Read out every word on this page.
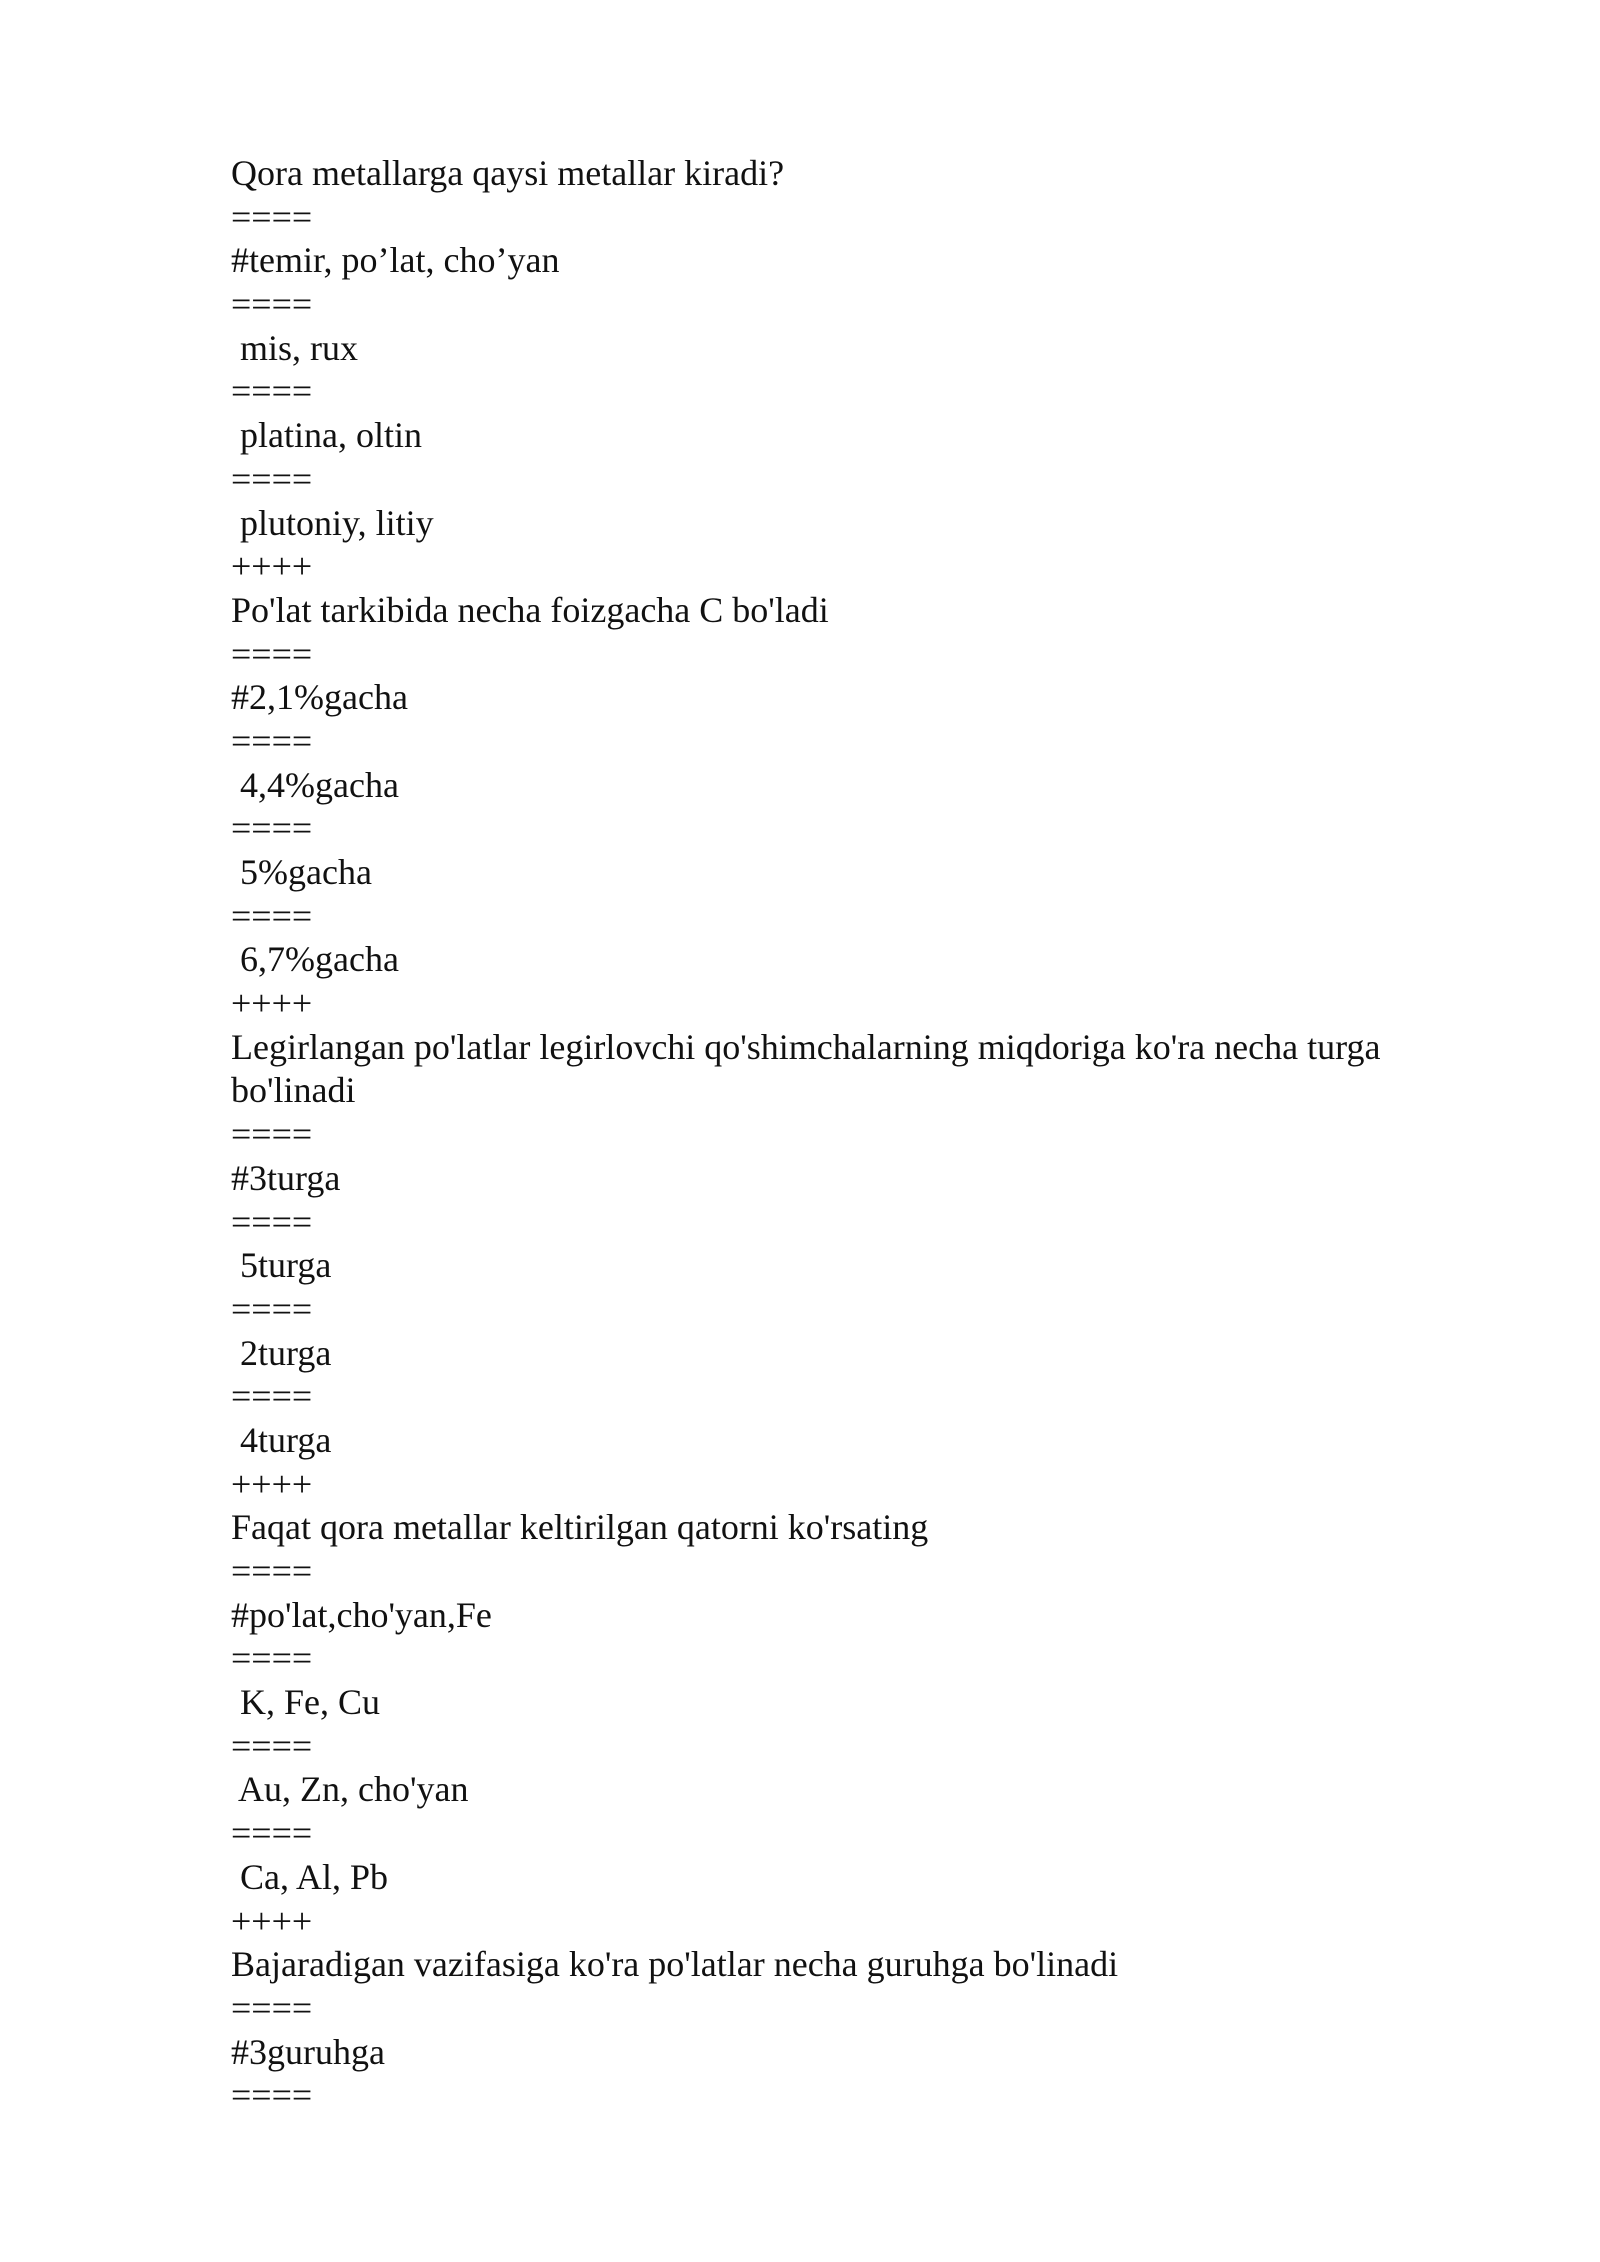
Qora metallarga qaysi metallar kiradi?
====
#temir, po’lat, cho’yan
====
mis, rux
====
platina, oltin
====
plutoniy, litiy
++++
Po'lat tarkibida necha foizgacha C bo'ladi
====
#2,1%gacha
====
4,4%gacha
====
5%gacha
====
6,7%gacha
++++
Legirlangan po'latlar legirlovchi qo'shimchalarning miqdoriga ko'ra necha turga
bo'linadi
====
#3turga
====
5turga
====
2turga
====
4turga
++++
Faqat qora metallar keltirilgan qatorni ko'rsating
====
#po'lat,cho'yan,Fe
====
K, Fe, Cu
====
Au, Zn, cho'yan
====
Ca, Al, Pb
++++
Bajaradigan vazifasiga ko'ra po'latlar necha guruhga bo'linadi
====
#3guruhga
====
